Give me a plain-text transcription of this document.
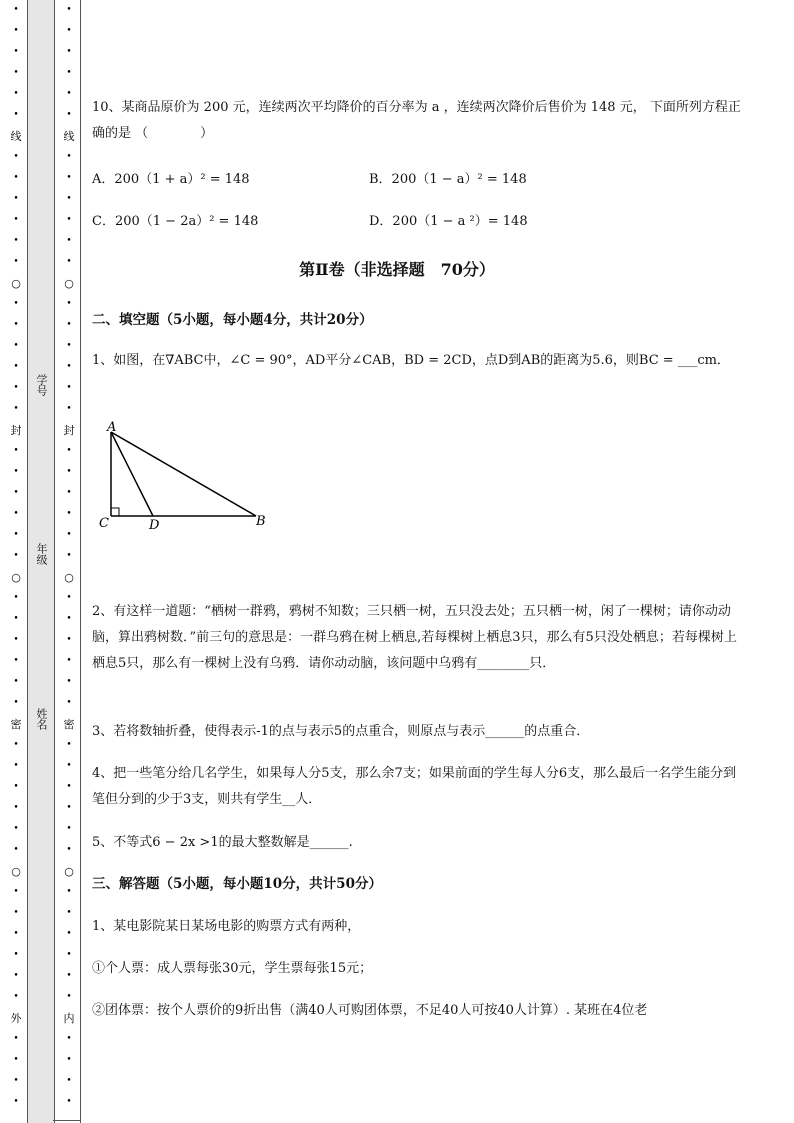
•
•
•
•
•
•
线
•
•
•
•
•
•
○
•
•
•
•
•
•
封
•
•
•
•
•
•
○
•
•
•
•
•
•
密
•
•
•
•
•
•
○
•
•
•
•
•
•
外
•
•
•
•
学号
年级
姓名
•
•
•
•
•
•
线
•
•
•
•
•
•
○
•
•
•
•
•
•
封
•
•
•
•
•
•
○
•
•
•
•
•
•
密
•
•
•
•
•
•
○
•
•
•
•
•
•
内
•
•
•
•

10、某商品原价为 200 元，连续两次平均降价的百分率为 a ，连续两次降价后售价为 148 元， 下面所列方程正确的是 （　　　　）

A．200（1 + a）² = 148	B．200（1 − a）² = 148
C．200（1 − 2a）² = 148	D．200（1 − a ²）= 148
第Ⅱ卷（非选择题　70分）
二、填空题（5小题，每小题4分，共计20分）
1、如图，在∇ABC中，∠C = 90°，AD平分∠CAB，BD = 2CD，点D到AB的距离为5.6，则BC = ___cm．
A
C	D	B
2、有这样一道题：“栖树一群鸦，鸦树不知数；三只栖一树，五只没去处；五只栖一树，闲了一棵树；请你动动脑，算出鸦树数．”前三句的意思是：一群乌鸦在树上栖息,若每棵树上栖息3只，那么有5只没处栖息；若每棵树上栖息5只，那么有一棵树上没有乌鸦．请你动动脑，该问题中乌鸦有________只．
3、若将数轴折叠，使得表示-1的点与表示5的点重合，则原点与表示______的点重合．
4、把一些笔分给几名学生，如果每人分5支，那么余7支；如果前面的学生每人分6支，那么最后一名学生能分到笔但分到的少于3支，则共有学生__人．
5、不等式6 − 2x >1的最大整数解是______.
三、解答题（5小题，每小题10分，共计50分）
1、某电影院某日某场电影的购票方式有两种，
①个人票：成人票每张30元，学生票每张15元；
②团体票：按个人票价的9折出售（满40人可购团体票，不足40人可按40人计算）. 某班在4位老
